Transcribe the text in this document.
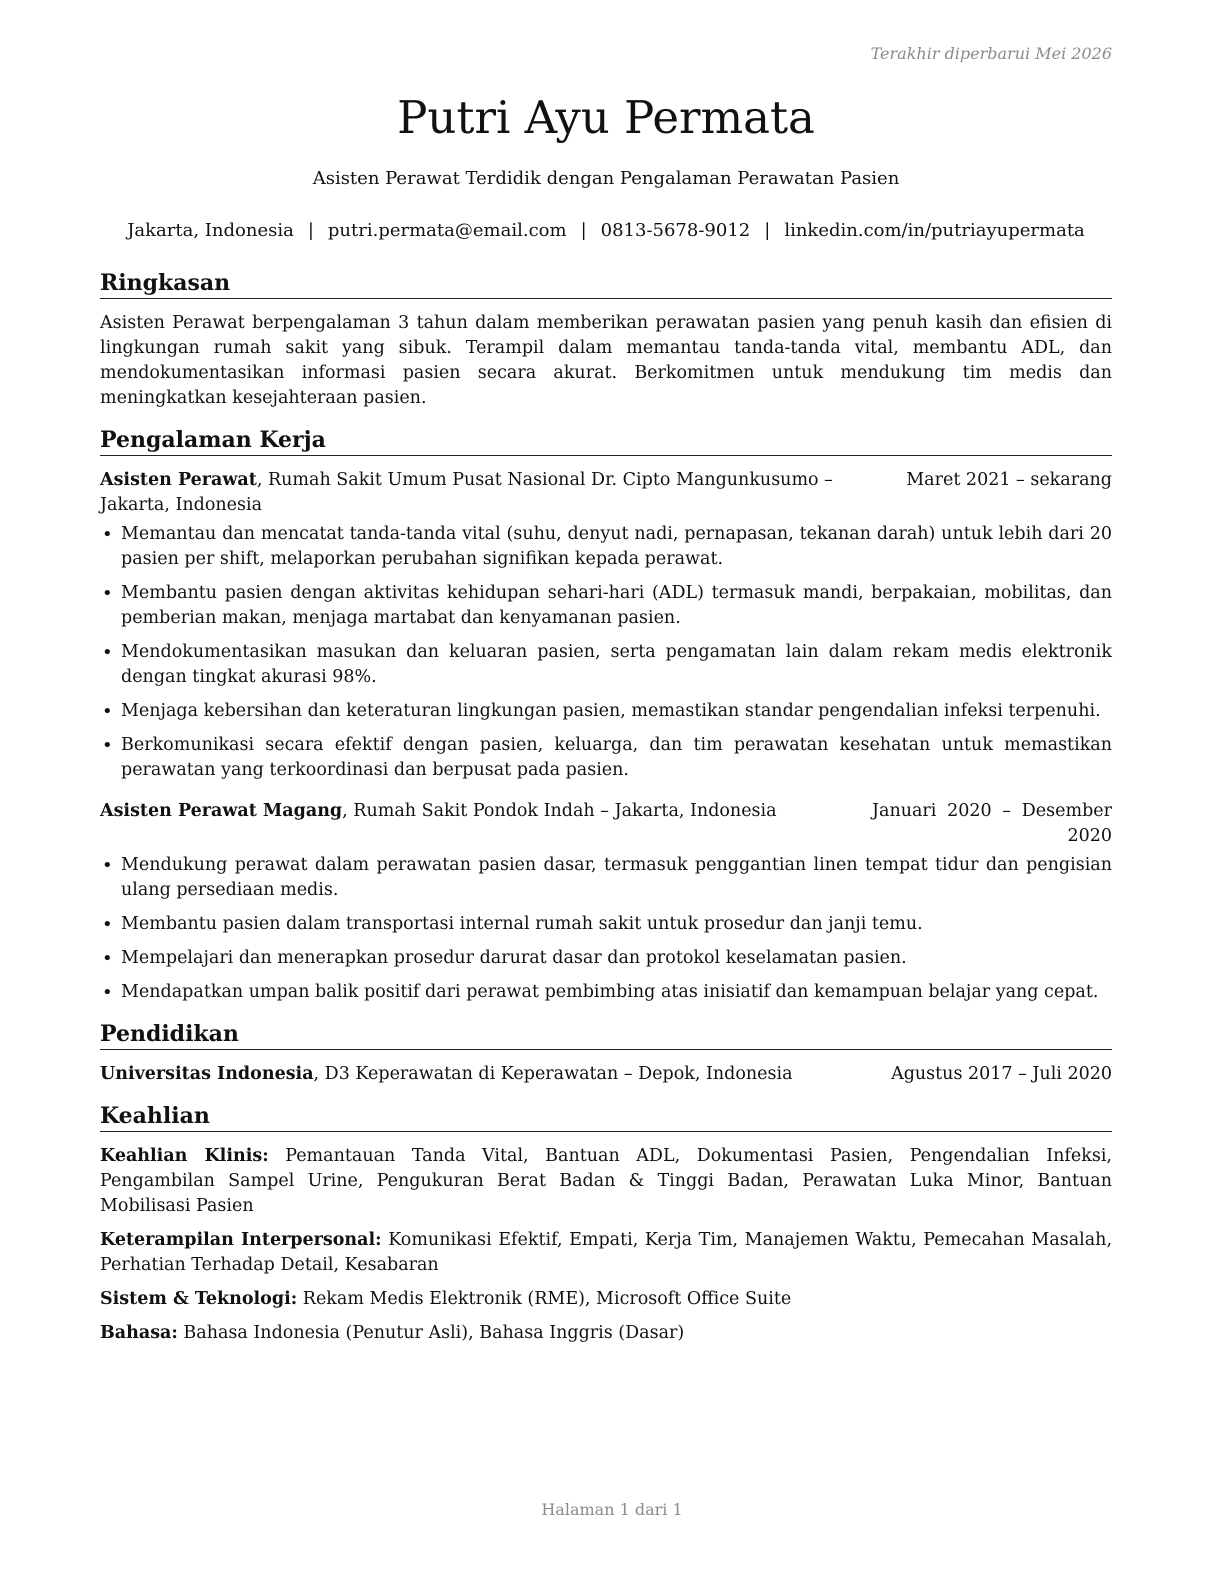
Terakhir diperbarui Mei 2026
Putri Ayu Permata
Asisten Perawat Terdidik dengan Pengalaman Perawatan Pasien
Jakarta, Indonesia | putri.permata@email.com | 0813-5678-9012 | linkedin.com/in/putriayupermata
Ringkasan

Asisten Perawat berpengalaman 3 tahun dalam memberikan perawatan pasien yang penuh kasih dan efisien di lingkungan rumah sakit yang sibuk. Terampil dalam memantau tanda-tanda vital, membantu ADL, dan mendokumentasikan informasi pasien secara akurat. Berkomitmen untuk mendukung tim medis dan meningkatkan kesejahteraan pasien.

Pengalaman Kerja
Asisten Perawat, Rumah Sakit Umum Pusat Nasional Dr. Cipto Mangunkusumo – Jakarta, Indonesia
Maret 2021 – sekarang
• Memantau dan mencatat tanda-tanda vital (suhu, denyut nadi, pernapasan, tekanan darah) untuk lebih dari 20 pasien per shift, melaporkan perubahan signifikan kepada perawat.
• Membantu pasien dengan aktivitas kehidupan sehari-hari (ADL) termasuk mandi, berpakaian, mobilitas, dan pemberian makan, menjaga martabat dan kenyamanan pasien.
• Mendokumentasikan masukan dan keluaran pasien, serta pengamatan lain dalam rekam medis elektronik dengan tingkat akurasi 98%.
• Menjaga kebersihan dan keteraturan lingkungan pasien, memastikan standar pengendalian infeksi terpenuhi.
• Berkomunikasi secara efektif dengan pasien, keluarga, dan tim perawatan kesehatan untuk memastikan perawatan yang terkoordinasi dan berpusat pada pasien.
Asisten Perawat Magang, Rumah Sakit Pondok Indah – Jakarta, Indonesia	Januari 2020 – Desember 2020
• Mendukung perawat dalam perawatan pasien dasar, termasuk penggantian linen tempat tidur dan pengisian ulang persediaan medis.
• Membantu pasien dalam transportasi internal rumah sakit untuk prosedur dan janji temu.
• Mempelajari dan menerapkan prosedur darurat dasar dan protokol keselamatan pasien.
• Mendapatkan umpan balik positif dari perawat pembimbing atas inisiatif dan kemampuan belajar yang cepat.
Pendidikan
Universitas Indonesia, D3 Keperawatan di Keperawatan – Depok, Indonesia	Agustus 2017 – Juli 2020
Keahlian
Keahlian Klinis: Pemantauan Tanda Vital, Bantuan ADL, Dokumentasi Pasien, Pengendalian Infeksi, Pengambilan Sampel Urine, Pengukuran Berat Badan & Tinggi Badan, Perawatan Luka Minor, Bantuan Mobilisasi Pasien
Keterampilan Interpersonal: Komunikasi Efektif, Empati, Kerja Tim, Manajemen Waktu, Pemecahan Masalah, Perhatian Terhadap Detail, Kesabaran
Sistem & Teknologi: Rekam Medis Elektronik (RME), Microsoft Office Suite
Bahasa: Bahasa Indonesia (Penutur Asli), Bahasa Inggris (Dasar)
Halaman 1 dari 1
